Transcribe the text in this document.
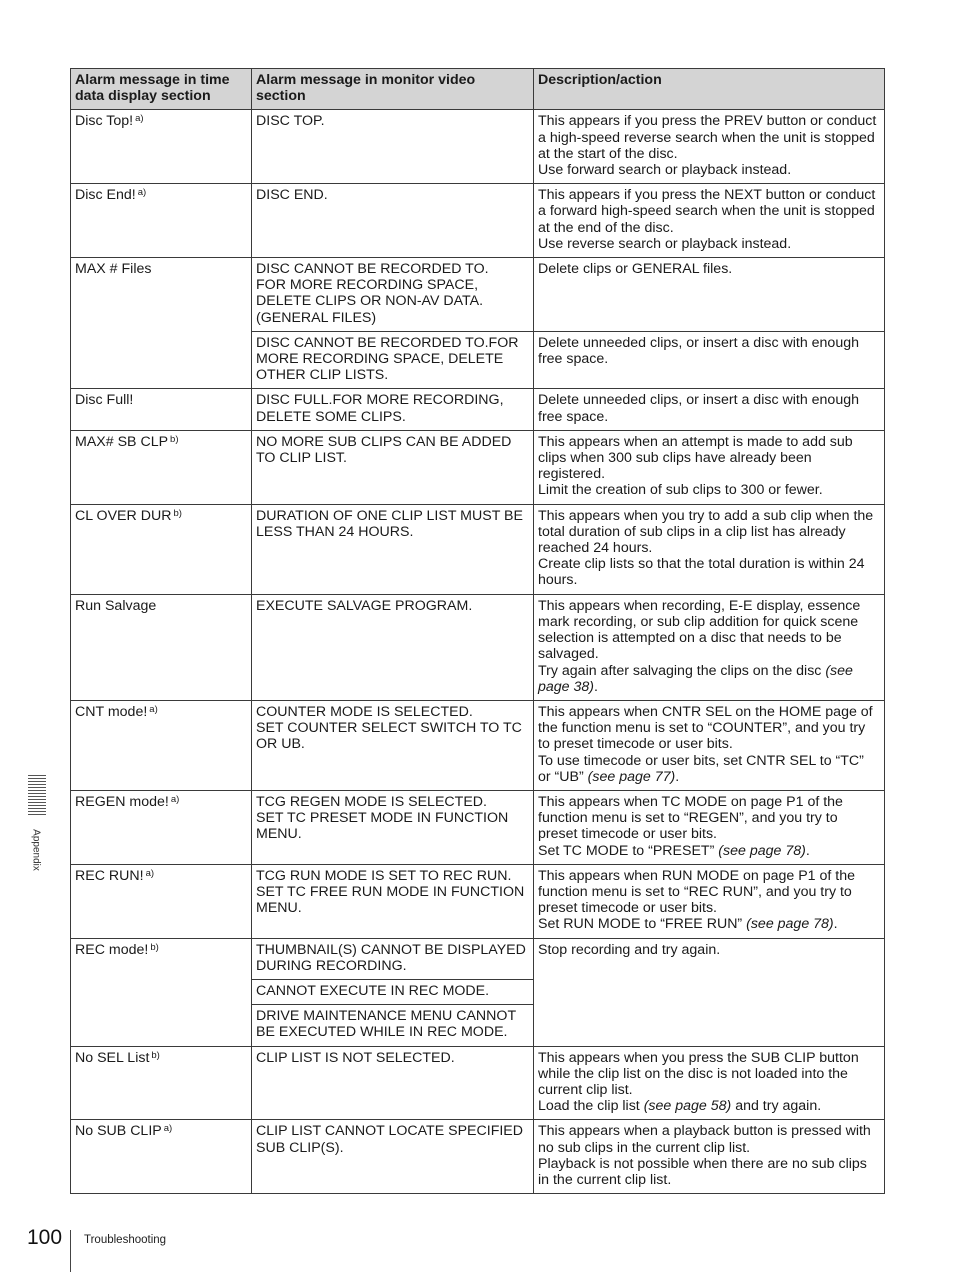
Appendix
Alarm message in time data display section	Alarm message in monitor video section	Description/action
Disc Top! $^{a)}$	DISC TOP.	This appears if you press the PREV button or conduct a high-speed reverse search when the unit is stopped at the start of the disc.
Use forward search or playback instead.

Disc End! $^{a)}$	DISC END.	This appears if you press the NEXT button or conduct a forward high-speed search when the unit is stopped at the end of the disc.
Use reverse search or playback instead.

MAX # Files	DISC CANNOT BE RECORDED TO.
FOR MORE RECORDING SPACE,
DELETE CLIPS OR NON-AV DATA.
(GENERAL FILES)	Delete clips or GENERAL files.

	DISC CANNOT BE RECORDED TO.FOR MORE RECORDING SPACE, DELETE OTHER CLIP LISTS.	Delete unneeded clips, or insert a disc with enough free space.

Disc Full!	DISC FULL.FOR MORE RECORDING, DELETE SOME CLIPS.	Delete unneeded clips, or insert a disc with enough free space.

MAX# SB CLP $^{b)}$	NO MORE SUB CLIPS CAN BE ADDED TO CLIP LIST.	This appears when an attempt is made to add sub clips when 300 sub clips have already been registered.
Limit the creation of sub clips to 300 or fewer.

CL OVER DUR $^{b)}$	DURATION OF ONE CLIP LIST MUST BE LESS THAN 24 HOURS.	This appears when you try to add a sub clip when the total duration of sub clips in a clip list has already reached 24 hours.
Create clip lists so that the total duration is within 24 hours.

Run Salvage	EXECUTE SALVAGE PROGRAM.	This appears when recording, E-E display, essence mark recording, or sub clip addition for quick scene selection is attempted on a disc that needs to be salvaged.
Try again after salvaging the clips on the disc (see page 38).

CNT mode! $^{a)}$	COUNTER MODE IS SELECTED.
SET COUNTER SELECT SWITCH TO TC OR UB.	This appears when CNTR SEL on the HOME page of the function menu is set to “COUNTER”, and you try to preset timecode or user bits.
To use timecode or user bits, set CNTR SEL to “TC” or “UB” (see page 77).

REGEN mode! $^{a)}$	TCG REGEN MODE IS SELECTED.
SET TC PRESET MODE IN FUNCTION MENU.	This appears when TC MODE on page P1 of the function menu is set to “REGEN”, and you try to preset timecode or user bits.
Set TC MODE to “PRESET” (see page 78).

REC RUN! $^{a)}$	TCG RUN MODE IS SET TO REC RUN.
SET TC FREE RUN MODE IN FUNCTION MENU.	This appears when RUN MODE on page P1 of the function menu is set to “REC RUN”, and you try to preset timecode or user bits.
Set RUN MODE to “FREE RUN” (see page 78).

REC mode! $^{b)}$	THUMBNAIL(S) CANNOT BE DISPLAYED DURING RECORDING.	Stop recording and try again.

	CANNOT EXECUTE IN REC MODE.	

	DRIVE MAINTENANCE MENU CANNOT BE EXECUTED WHILE IN REC MODE.	

No SEL List $^{b)}$	CLIP LIST IS NOT SELECTED.	This appears when you press the SUB CLIP button while the clip list on the disc is not loaded into the current clip list.
Load the clip list (see page 58) and try again.

No SUB CLIP $^{a)}$	CLIP LIST CANNOT LOCATE SPECIFIED SUB CLIP(S).	This appears when a playback button is pressed with no sub clips in the current clip list.
Playback is not possible when there are no sub clips in the current clip list.
100 Troubleshooting
